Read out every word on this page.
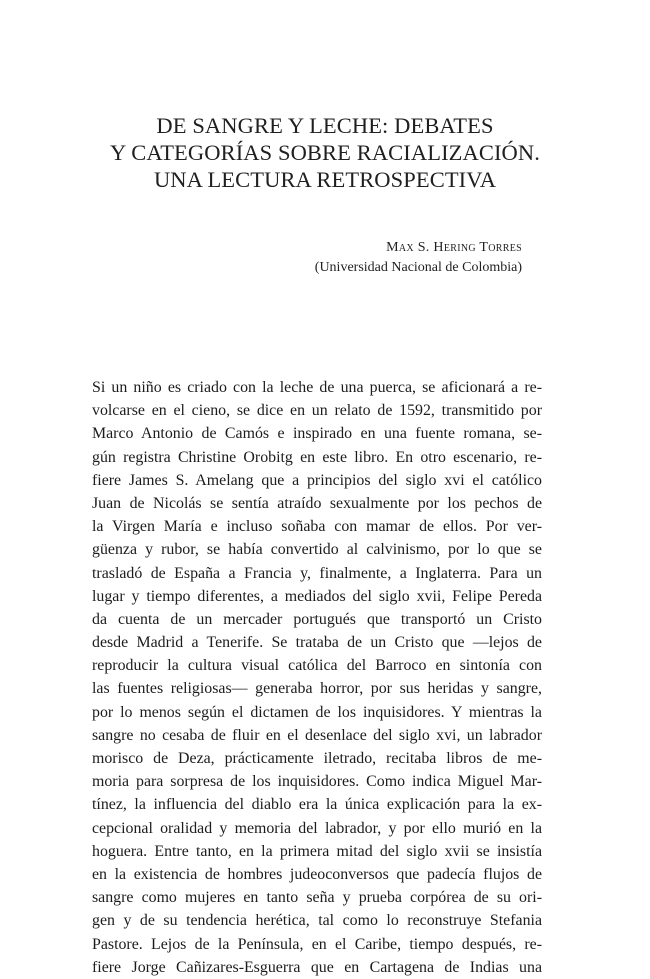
DE SANGRE Y LECHE: DEBATES
Y CATEGORÍAS SOBRE RACIALIZACIÓN.
UNA LECTURA RETROSPECTIVA
Max S. Hering Torres
(Universidad Nacional de Colombia)
Si un niño es criado con la leche de una puerca, se aficionará a re-
volcarse en el cieno, se dice en un relato de 1592, transmitido por
Marco Antonio de Camós e inspirado en una fuente romana, se-
gún registra Christine Orobitg en este libro. En otro escenario, re-
fiere James S. Amelang que a principios del siglo xvi el católico
Juan de Nicolás se sentía atraído sexualmente por los pechos de
la Virgen María e incluso soñaba con mamar de ellos. Por ver-
güenza y rubor, se había convertido al calvinismo, por lo que se
trasladó de España a Francia y, finalmente, a Inglaterra. Para un
lugar y tiempo diferentes, a mediados del siglo xvii, Felipe Pereda
da cuenta de un mercader portugués que transportó un Cristo
desde Madrid a Tenerife. Se trataba de un Cristo que —lejos de
reproducir la cultura visual católica del Barroco en sintonía con
las fuentes religiosas— generaba horror, por sus heridas y sangre,
por lo menos según el dictamen de los inquisidores. Y mientras la
sangre no cesaba de fluir en el desenlace del siglo xvi, un labrador
morisco de Deza, prácticamente iletrado, recitaba libros de me-
moria para sorpresa de los inquisidores. Como indica Miguel Mar-
tínez, la influencia del diablo era la única explicación para la ex-
cepcional oralidad y memoria del labrador, y por ello murió en la
hoguera. Entre tanto, en la primera mitad del siglo xvii se insistía
en la existencia de hombres judeoconversos que padecía flujos de
sangre como mujeres en tanto seña y prueba corpórea de su ori-
gen y de su tendencia herética, tal como lo reconstruye Stefania
Pastore. Lejos de la Península, en el Caribe, tiempo después, re-
fiere Jorge Cañizares-Esguerra que en Cartagena de Indias una
